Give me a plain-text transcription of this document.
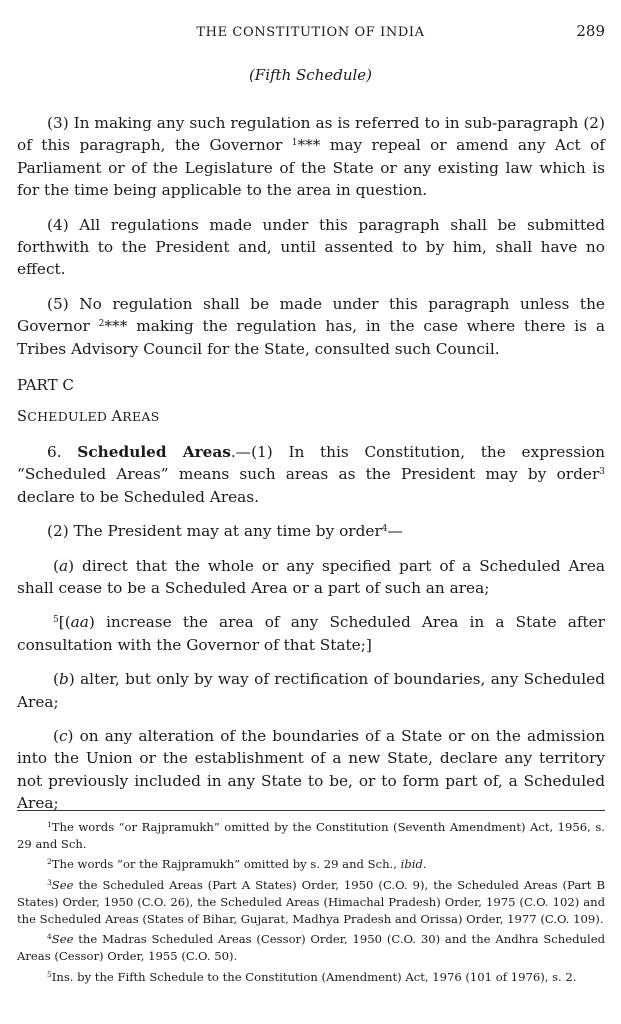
THE CONSTITUTION OF INDIA	289
(Fifth Schedule)

(3) In making any such regulation as is referred to in sub-paragraph (2) of this paragraph, the Governor $^1$*** may repeal or amend any Act of Parliament or of the Legislature of the State or any existing law which is for the time being applicable to the area in question.

(4) All regulations made under this paragraph shall be submitted forthwith to the President and, until assented to by him, shall have no effect.

(5) No regulation shall be made under this paragraph unless the Governor $^2$*** making the regulation has, in the case where there is a Tribes Advisory Council for the State, consulted such Council.

PART C

SCHEDULED AREAS

6. Scheduled Areas.—(1) In this Constitution, the expression “Scheduled Areas” means such areas as the President may by order$^3$ declare to be Scheduled Areas.

(2) The President may at any time by order$^4$—

(a) direct that the whole or any specified part of a Scheduled Area shall cease to be a Scheduled Area or a part of such an area;

$^5$[(aa) increase the area of any Scheduled Area in a State after consultation with the Governor of that State;]

(b) alter, but only by way of rectification of boundaries, any Scheduled Area;

(c) on any alteration of the boundaries of a State or on the admission into the Union or the establishment of a new State, declare any territory not previously included in any State to be, or to form part of, a Scheduled Area;

$^1$The words “or Rajpramukh” omitted by the Constitution (Seventh Amendment) Act, 1956, s. 29 and Sch.

$^2$The words “or the Rajpramukh” omitted by s. 29 and Sch., ibid.

$^3$See the Scheduled Areas (Part A States) Order, 1950 (C.O. 9), the Scheduled Areas (Part B States) Order, 1950 (C.O. 26), the Scheduled Areas (Himachal Pradesh) Order, 1975 (C.O. 102) and the Scheduled Areas (States of Bihar, Gujarat, Madhya Pradesh and Orissa) Order, 1977 (C.O. 109).

$^4$See the Madras Scheduled Areas (Cessor) Order, 1950 (C.O. 30) and the Andhra Scheduled Areas (Cessor) Order, 1955 (C.O. 50).

$^5$Ins. by the Fifth Schedule to the Constitution (Amendment) Act, 1976 (101 of 1976), s. 2.
